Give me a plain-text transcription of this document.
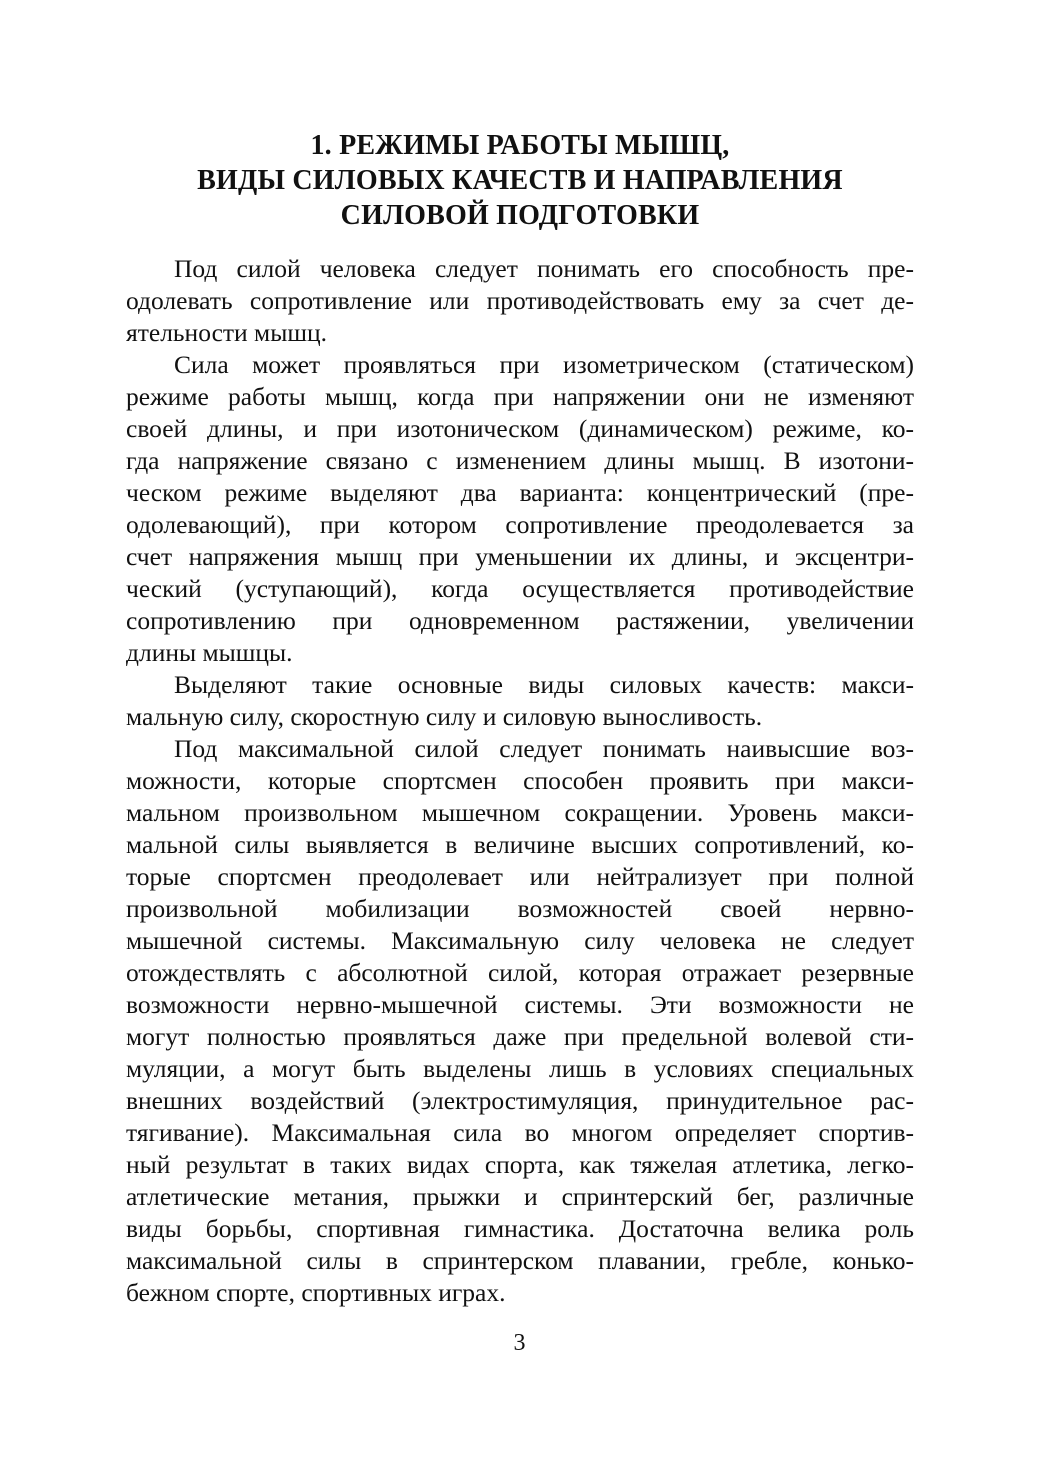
1. РЕЖИМЫ РАБОТЫ МЫШЦ,
ВИДЫ СИЛОВЫХ КАЧЕСТВ И НАПРАВЛЕНИЯ
СИЛОВОЙ ПОДГОТОВКИ
Под силой человека следует понимать его способность пре-
одолевать сопротивление или противодействовать ему за счет де-
ятельности мышц.
Сила может проявляться при изометрическом (статическом)
режиме работы мышц, когда при напряжении они не изменяют
своей длины, и при изотоническом (динамическом) режиме, ко-
гда напряжение связано с изменением длины мышц. В изотони-
ческом режиме выделяют два варианта: концентрический (пре-
одолевающий), при котором сопротивление преодолевается за
счет напряжения мышц при уменьшении их длины, и эксцентри-
ческий (уступающий), когда осуществляется противодействие
сопротивлению при одновременном растяжении, увеличении
длины мышцы.
Выделяют такие основные виды силовых качеств: макси-
мальную силу, скоростную силу и силовую выносливость.
Под максимальной силой следует понимать наивысшие воз-
можности, которые спортсмен способен проявить при макси-
мальном произвольном мышечном сокращении. Уровень макси-
мальной силы выявляется в величине высших сопротивлений, ко-
торые спортсмен преодолевает или нейтрализует при полной
произвольной мобилизации возможностей своей нервно-
мышечной системы. Максимальную силу человека не следует
отождествлять с абсолютной силой, которая отражает резервные
возможности нервно-мышечной системы. Эти возможности не
могут полностью проявляться даже при предельной волевой сти-
муляции, а могут быть выделены лишь в условиях специальных
внешних воздействий (электростимуляция, принудительное рас-
тягивание). Максимальная сила во многом определяет спортив-
ный результат в таких видах спорта, как тяжелая атлетика, легко-
атлетические метания, прыжки и спринтерский бег, различные
виды борьбы, спортивная гимнастика. Достаточна велика роль
максимальной силы в спринтерском плавании, гребле, конько-
бежном спорте, спортивных играх.
3
